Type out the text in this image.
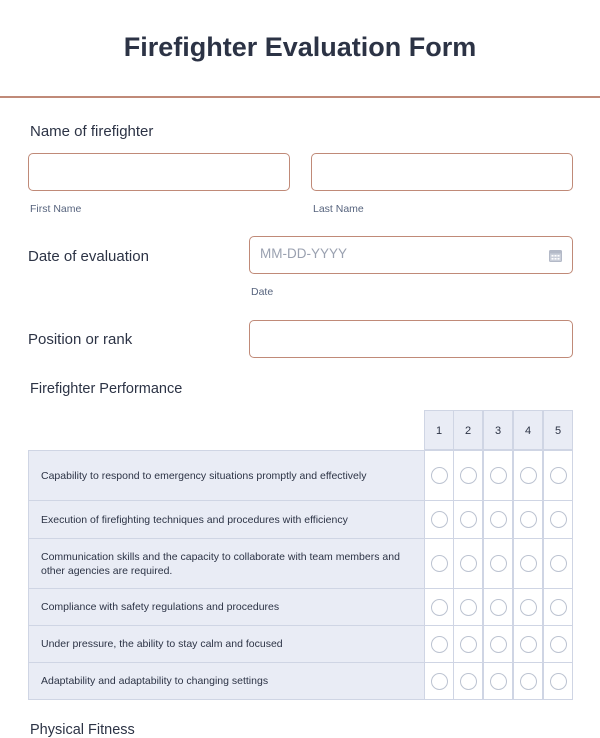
Firefighter Evaluation Form
Name of firefighter
First Name	Last Name
Date of evaluation	MM-DD-YYYY
Date
Position or rank
Firefighter Performance
1	2	3	4	5
Capability to respond to emergency situations promptly and effectively
Execution of firefighting techniques and procedures with efficiency
Communication skills and the capacity to collaborate with team members and other agencies are required.
Compliance with safety regulations and procedures
Under pressure, the ability to stay calm and focused
Adaptability and adaptability to changing settings
Physical Fitness
